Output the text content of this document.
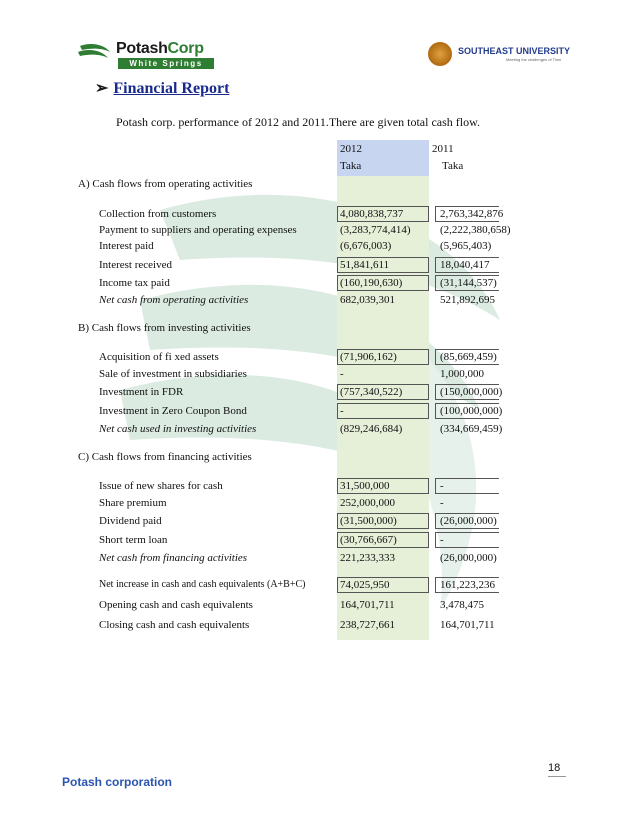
PotashCorp
White Springs
SOUTHEAST UNIVERSITY
Meeting the challenges of Time
➢ Financial Report
Potash corp. performance of 2012 and 2011.There are given total cash flow.
2012
Taka
2011
Taka
A) Cash flows from operating activities
B) Cash flows from investing activities
C) Cash flows from financing activities
Collection from customers	4,080,838,737	2,763,342,876
Payment to suppliers and operating expenses	(3,283,774,414)	(2,222,380,658)
Interest paid	(6,676,003)	(5,965,403)
Interest received	51,841,611	18,040,417
Income tax paid	(160,190,630)	(31,144,537)
Net cash from operating activities	682,039,301	521,892,695
Acquisition of fi xed assets	(71,906,162)	(85,669,459)
Sale of investment in subsidiaries	-	1,000,000
Investment in FDR	(757,340,522)	(150,000,000)
Investment in Zero Coupon Bond	-	(100,000,000)
Net cash used in investing activities	(829,246,684)	(334,669,459)
Issue of new shares for cash	31,500,000	-
Share premium	252,000,000	-
Dividend paid	(31,500,000)	(26,000,000)
Short term loan	(30,766,667)	-
Net cash from financing activities	221,233,333	(26,000,000)
Net increase in cash and cash equivalents (A+B+C)	74,025,950	161,223,236
Opening cash and cash equivalents	164,701,711	3,478,475
Closing cash and cash equivalents	238,727,661	164,701,711
18
Potash corporation
